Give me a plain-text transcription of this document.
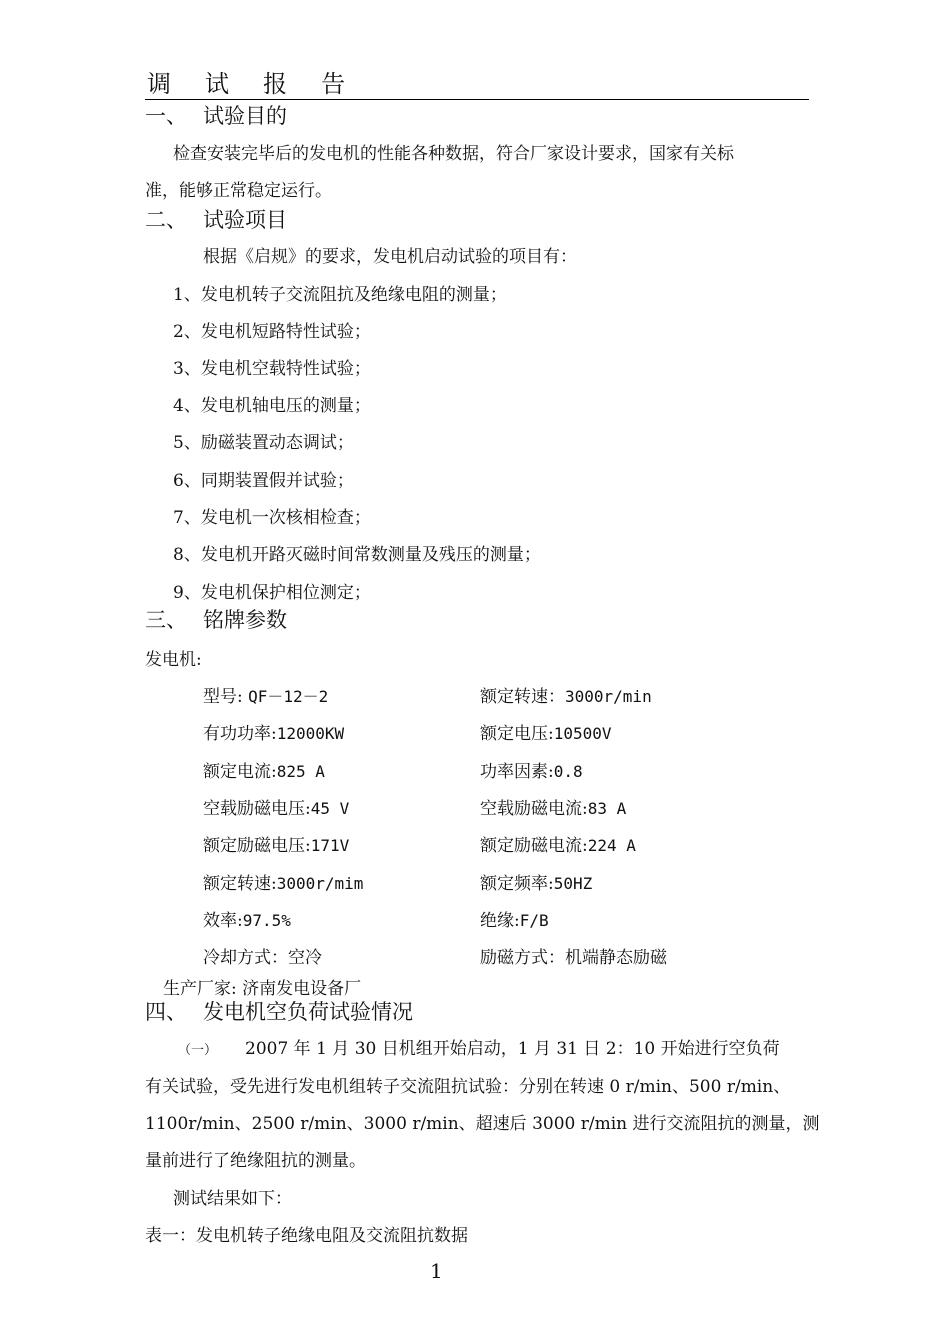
调 试 报 告
一、 试验目的
检查安装完毕后的发电机的性能各种数据，符合厂家设计要求，国家有关标
准，能够正常稳定运行。
二、 试验项目
根据《启规》的要求，发电机启动试验的项目有：
1、发电机转子交流阻抗及绝缘电阻的测量；
2、发电机短路特性试验；
3、发电机空载特性试验；
4、发电机轴电压的测量；
5、励磁装置动态调试；
6、同期装置假并试验；
7、发电机一次核相检查；
8、发电机开路灭磁时间常数测量及残压的测量；
9、发电机保护相位测定；
三、 铭牌参数
发电机:
型号: QF－12－2	额定转速：3000r/min
有功功率:12000KW	额定电压:10500V
额定电流:825 A	功率因素:0.8
空载励磁电压:45 V	空载励磁电流:83 A
额定励磁电压:171V	额定励磁电流:224 A
额定转速:3000r/mim	额定频率:50HZ
效率:97.5%	绝缘:F/B
冷却方式：空冷	励磁方式：机端静态励磁
生产厂家: 济南发电设备厂
四、 发电机空负荷试验情况
（一） 2007 年 1 月 30 日机组开始启动，1 月 31 日 2：10 开始进行空负荷
有关试验，受先进行发电机组转子交流阻抗试验：分别在转速 0 r/min、500 r/min、
1100r/min、2500 r/min、3000 r/min、超速后 3000 r/min 进行交流阻抗的测量，测
量前进行了绝缘阻抗的测量。
测试结果如下：
表一：发电机转子绝缘电阻及交流阻抗数据
1
